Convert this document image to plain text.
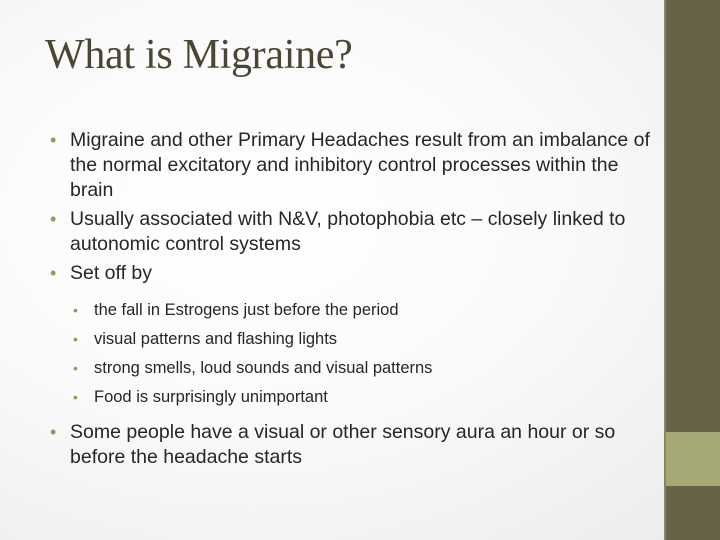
What is Migraine?
• Migraine and other Primary Headaches result from an imbalance of the normal excitatory and inhibitory control processes within the brain
• Usually associated with N&V, photophobia etc – closely linked to autonomic control systems
• Set off by
• the fall in Estrogens just before the period
• visual patterns and flashing lights
• strong smells, loud sounds and visual patterns
• Food is surprisingly unimportant
• Some people have a visual or other sensory aura an hour or so before the headache starts
